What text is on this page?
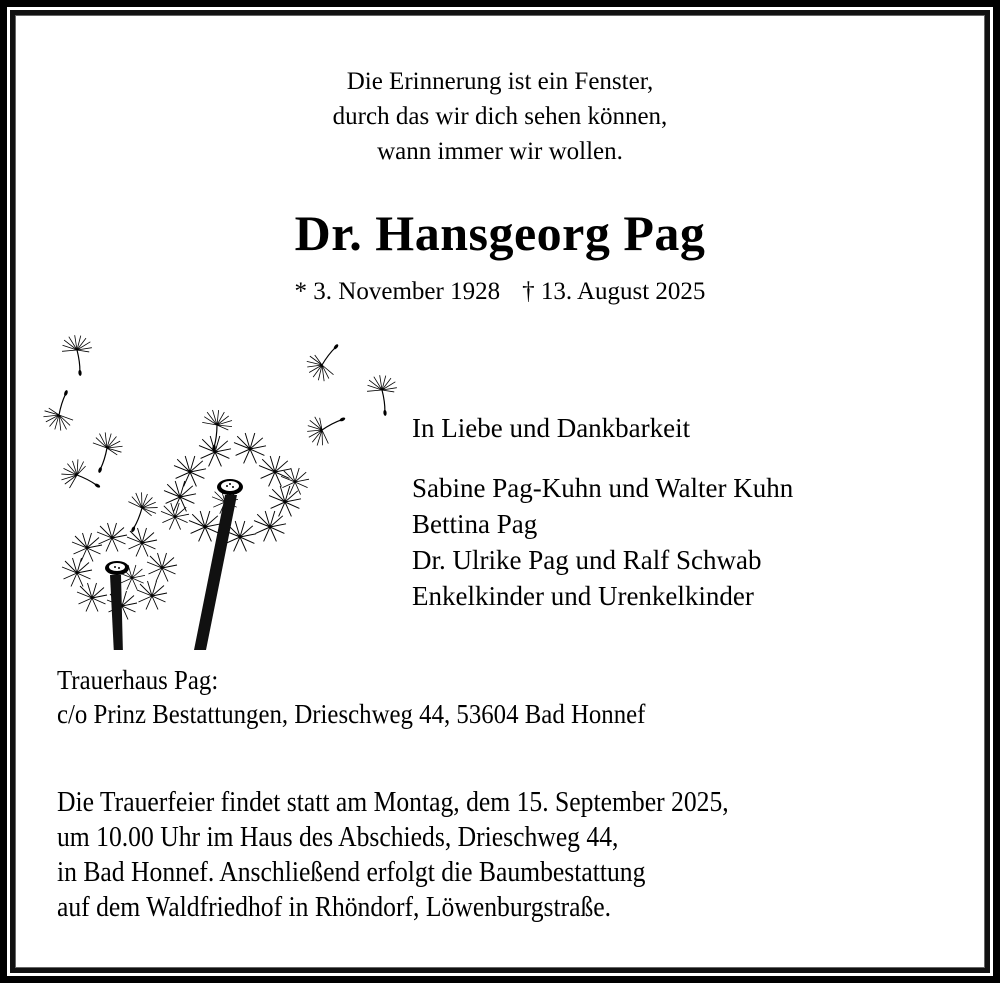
Die Erinnerung ist ein Fenster,
durch das wir dich sehen können,
wann immer wir wollen.
Dr. Hansgeorg Pag
* 3. November 1928 † 13. August 2025
In Liebe und Dankbarkeit
Sabine Pag-Kuhn und Walter Kuhn
Bettina Pag
Dr. Ulrike Pag und Ralf Schwab
Enkelkinder und Urenkelkinder
Trauerhaus Pag:
c/o Prinz Bestattungen, Drieschweg 44, 53604 Bad Honnef
Die Trauerfeier findet statt am Montag, dem 15. September 2025,
um 10.00 Uhr im Haus des Abschieds, Drieschweg 44,
in Bad Honnef. Anschließend erfolgt die Baumbestattung
auf dem Waldfriedhof in Rhöndorf, Löwenburgstraße.
